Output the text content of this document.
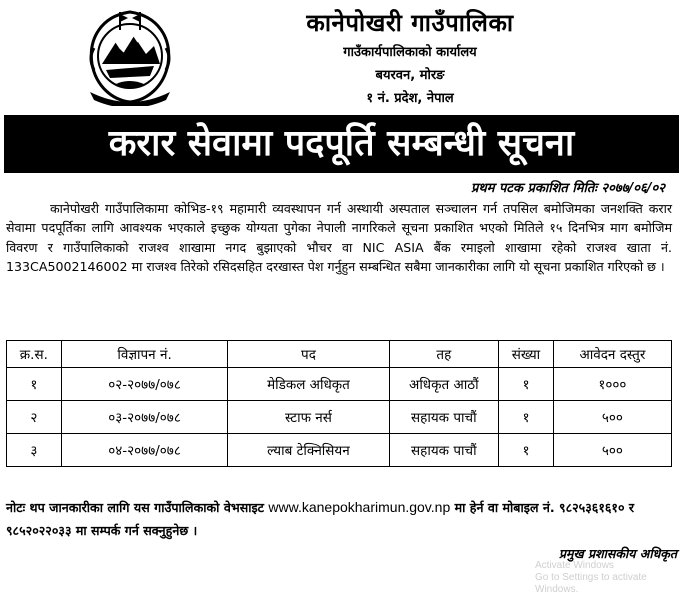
कानेपोखरी गाउँपालिका
गाउँकार्यपालिकाको कार्यालय
बयरवन, मोरङ
१ नं. प्रदेश, नेपाल
करार सेवामा पदपूर्ति सम्बन्धी सूचना
प्रथम पटक प्रकाशित मितिः २०७७/०६/०२
कानेपोखरी गाउँपालिकामा कोभिड-१९ महामारी व्यवस्थापन गर्न अस्थायी अस्पताल सञ्चालन गर्न तपसिल बमोजिमका जनशक्ति करार सेवामा पदपूर्तिका लागि आवश्यक भएकाले इच्छुक योग्यता पुगेका नेपाली नागरिकले सूचना प्रकाशित भएको मितिले १५ दिनभित्र माग बमोजिम विवरण र गाउँपालिकाको राजश्व शाखामा नगद बुझाएको भौचर वा NIC ASIA बैंक रमाइलो शाखामा रहेको राजश्व खाता नं. 133CA5002146002 मा राजश्व तिरेको रसिदसहित दरखास्त पेश गर्नुहुन सम्बन्धित सबैमा जानकारीका लागि यो सूचना प्रकाशित गरिएको छ ।
क्र.स.	विज्ञापन नं.	पद	तह	संख्या	आवेदन दस्तुर
१	०२-२०७७/०७८	मेडिकल अधिकृत	अधिकृत आठौं	१	१०००
२	०३-२०७७/०७८	स्टाफ नर्स	सहायक पाचौं	१	५००
३	०४-२०७७/०७८	ल्याब टेक्निसियन	सहायक पाचौं	१	५००
नोटः थप जानकारीका लागि यस गाउँपालिकाको वेभसाइट www.kanepokharimun.gov.np मा हेर्न वा मोबाइल नं. ९८२५३६१६१० र ९८५२०२२०३३ मा सम्पर्क गर्न सक्नुहुनेछ ।
प्रमुख प्रशासकीय अधिकृत
Activate Windows
Go to Settings to activate Windows.
